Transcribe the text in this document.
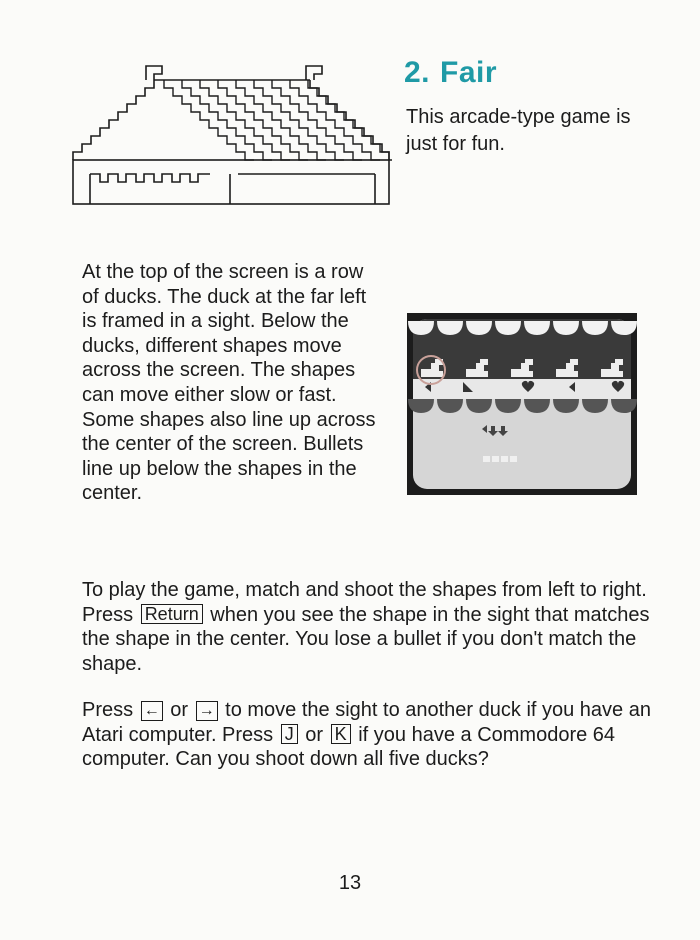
2. Fair

This arcade-type game is just for fun.

At the top of the screen is a row of ducks. The duck at the far left is framed in a sight. Below the ducks, different shapes move across the screen. The shapes can move either slow or fast. Some shapes also line up across the center of the screen. Bullets line up below the shapes in the center.

To play the game, match and shoot the shapes from left to right. Press Return when you see the shape in the sight that matches the shape in the center. You lose a bullet if you don't match the shape.

Press ← or → to move the sight to another duck if you have an Atari computer. Press J or K if you have a Commodore 64 computer. Can you shoot down all five ducks?

13
